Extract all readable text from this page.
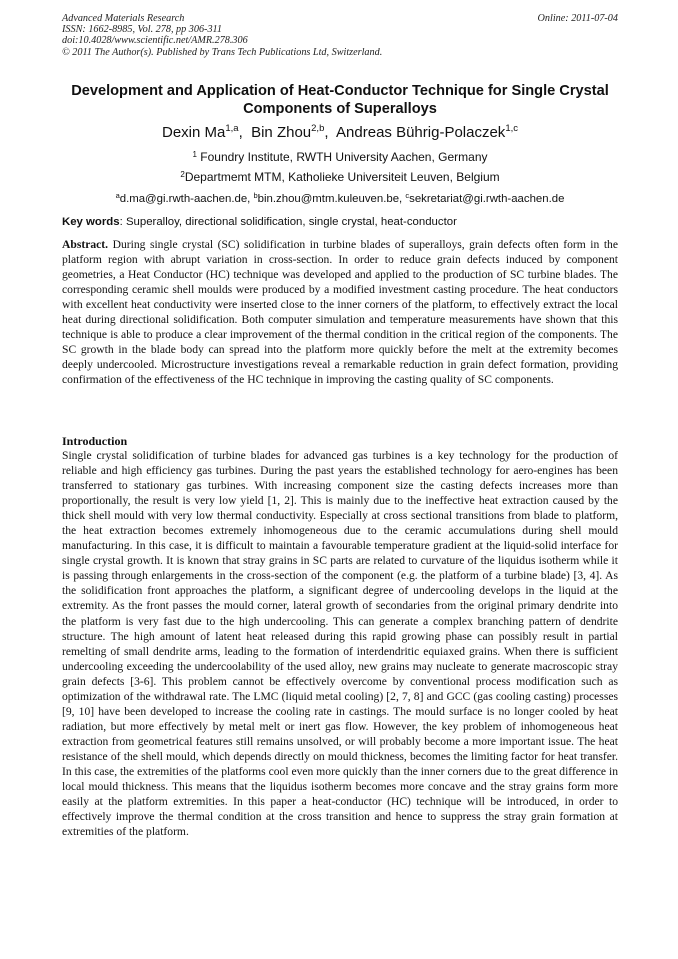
Advanced Materials Research
ISSN: 1662-8985, Vol. 278, pp 306-311
doi:10.4028/www.scientific.net/AMR.278.306
© 2011 The Author(s). Published by Trans Tech Publications Ltd, Switzerland.
Online: 2011-07-04
Development and Application of Heat-Conductor Technique for Single Crystal Components of Superalloys
Dexin Ma$^{1,a}$,  Bin Zhou$^{2,b}$,  Andreas Bührig-Polaczek$^{1,c}$
$^1$ Foundry Institute, RWTH University Aachen, Germany
$^2$Departmemt MTM, Katholieke Universiteit Leuven, Belgium
$^a$d.ma@gi.rwth-aachen.de, $^b$bin.zhou@mtm.kuleuven.be, $^c$sekretariat@gi.rwth-aachen.de
Key words: Superalloy, directional solidification, single crystal, heat-conductor
Abstract. During single crystal (SC) solidification in turbine blades of superalloys, grain defects often form in the platform region with abrupt variation in cross-section. In order to reduce grain defects induced by component geometries, a Heat Conductor (HC) technique was developed and applied to the production of SC turbine blades. The corresponding ceramic shell moulds were produced by a modified investment casting procedure. The heat conductors with excellent heat conductivity were inserted close to the inner corners of the platform, to effectively extract the local heat during directional solidification. Both computer simulation and temperature measurements have shown that this technique is able to produce a clear improvement of the thermal condition in the critical region of the components. The SC growth in the blade body can spread into the platform more quickly before the melt at the extremity becomes deeply undercooled. Microstructure investigations reveal a remarkable reduction in grain defect formation, providing confirmation of the effectiveness of the HC technique in improving the casting quality of SC components.
Introduction
Single crystal solidification of turbine blades for advanced gas turbines is a key technology for the production of reliable and high efficiency gas turbines. During the past years the established technology for aero-engines has been transferred to stationary gas turbines. With increasing component size the casting defects increases more than proportionally, the result is very low yield [1, 2]. This is mainly due to the ineffective heat extraction caused by the thick shell mould with very low thermal conductivity. Especially at cross sectional transitions from blade to platform, the heat extraction becomes extremely inhomogeneous due to the ceramic accumulations during shell mould manufacturing. In this case, it is difficult to maintain a favourable temperature gradient at the liquid-solid interface for single crystal growth. It is known that stray grains in SC parts are related to curvature of the liquidus isotherm while it is passing through enlargements in the cross-section of the component (e.g. the platform of a turbine blade) [3, 4]. As the solidification front approaches the platform, a significant degree of undercooling develops in the liquid at the extremity. As the front passes the mould corner, lateral growth of secondaries from the original primary dendrite into the platform is very fast due to the high undercooling. This can generate a complex branching pattern of dendrite structure. The high amount of latent heat released during this rapid growing phase can possibly result in partial remelting of small dendrite arms, leading to the formation of interdendritic equiaxed grains. When there is sufficient undercooling exceeding the undercoolability of the used alloy, new grains may nucleate to generate macroscopic stray grain defects [3-6]. This problem cannot be effectively overcome by conventional process modification such as optimization of the withdrawal rate. The LMC (liquid metal cooling) [2, 7, 8] and GCC (gas cooling casting) processes [9, 10] have been developed to increase the cooling rate in castings. The mould surface is no longer cooled by heat radiation, but more effectively by metal melt or inert gas flow. However, the key problem of inhomogeneous heat extraction from geometrical features still remains unsolved, or will probably become a more important issue. The heat resistance of the shell mould, which depends directly on mould thickness, becomes the limiting factor for heat transfer. In this case, the extremities of the platforms cool even more quickly than the inner corners due to the great difference in local mould thickness. This means that the liquidus isotherm becomes more concave and the stray grains form more easily at the platform extremities. In this paper a heat-conductor (HC) technique will be introduced, in order to effectively improve the thermal condition at the cross transition and hence to suppress the stray grain formation at extremities of the platform.
